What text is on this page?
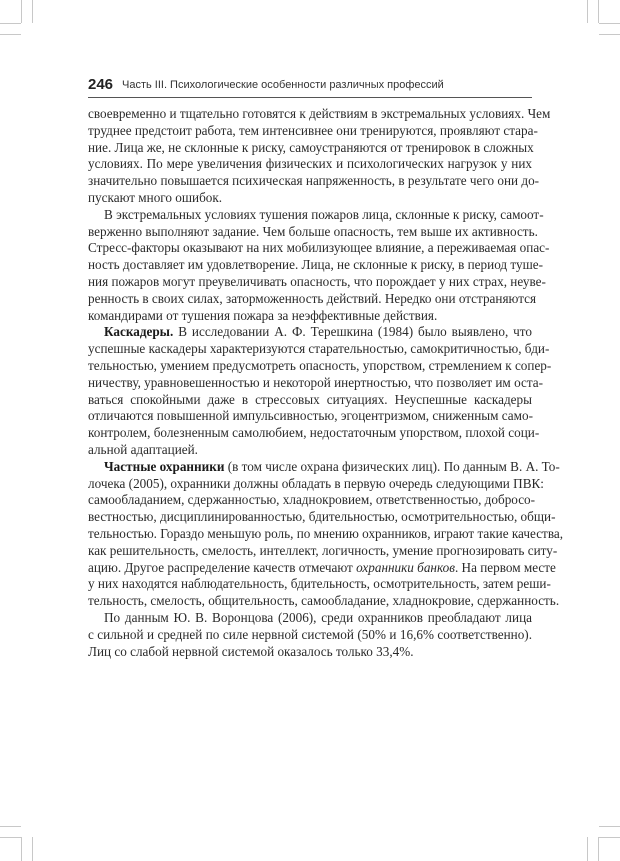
246 Часть III. Психологические особенности различных профессий
своевременно и тщательно готовятся к действиям в экстремальных условиях. Чем
труднее предстоит работа, тем интенсивнее они тренируются, проявляют стара-
ние. Лица же, не склонные к риску, самоустраняются от тренировок в сложных
условиях. По мере увеличения физических и психологических нагрузок у них
значительно повышается психическая напряженность, в результате чего они до-
пускают много ошибок.
В экстремальных условиях тушения пожаров лица, склонные к риску, самоот-
верженно выполняют задание. Чем больше опасность, тем выше их активность.
Стресс-факторы оказывают на них мобилизующее влияние, а переживаемая опас-
ность доставляет им удовлетворение. Лица, не склонные к риску, в период туше-
ния пожаров могут преувеличивать опасность, что порождает у них страх, неуве-
ренность в своих силах, заторможенность действий. Нередко они отстраняются
командирами от тушения пожара за неэффективные действия.
Каскадеры. В исследовании А. Ф. Терешкина (1984) было выявлено, что
успешные каскадеры характеризуются старательностью, самокритичностью, бди-
тельностью, умением предусмотреть опасность, упорством, стремлением к сопер-
ничеству, уравновешенностью и некоторой инертностью, что позволяет им оста-
ваться спокойными даже в стрессовых ситуациях. Неуспешные каскадеры
отличаются повышенной импульсивностью, эгоцентризмом, сниженным само-
контролем, болезненным самолюбием, недостаточным упорством, плохой соци-
альной адаптацией.
Частные охранники (в том числе охрана физических лиц). По данным В. А. То-
лочека (2005), охранники должны обладать в первую очередь следующими ПВК:
самообладанием, сдержанностью, хладнокровием, ответственностью, добросо-
вестностью, дисциплинированностью, бдительностью, осмотрительностью, общи-
тельностью. Гораздо меньшую роль, по мнению охранников, играют такие качества,
как решительность, смелость, интеллект, логичность, умение прогнозировать ситу-
ацию. Другое распределение качеств отмечают охранники банков. На первом месте
у них находятся наблюдательность, бдительность, осмотрительность, затем реши-
тельность, смелость, общительность, самообладание, хладнокровие, сдержанность.
По данным Ю. В. Воронцова (2006), среди охранников преобладают лица
с сильной и средней по силе нервной системой (50% и 16,6% соответственно).
Лиц со слабой нервной системой оказалось только 33,4%.
